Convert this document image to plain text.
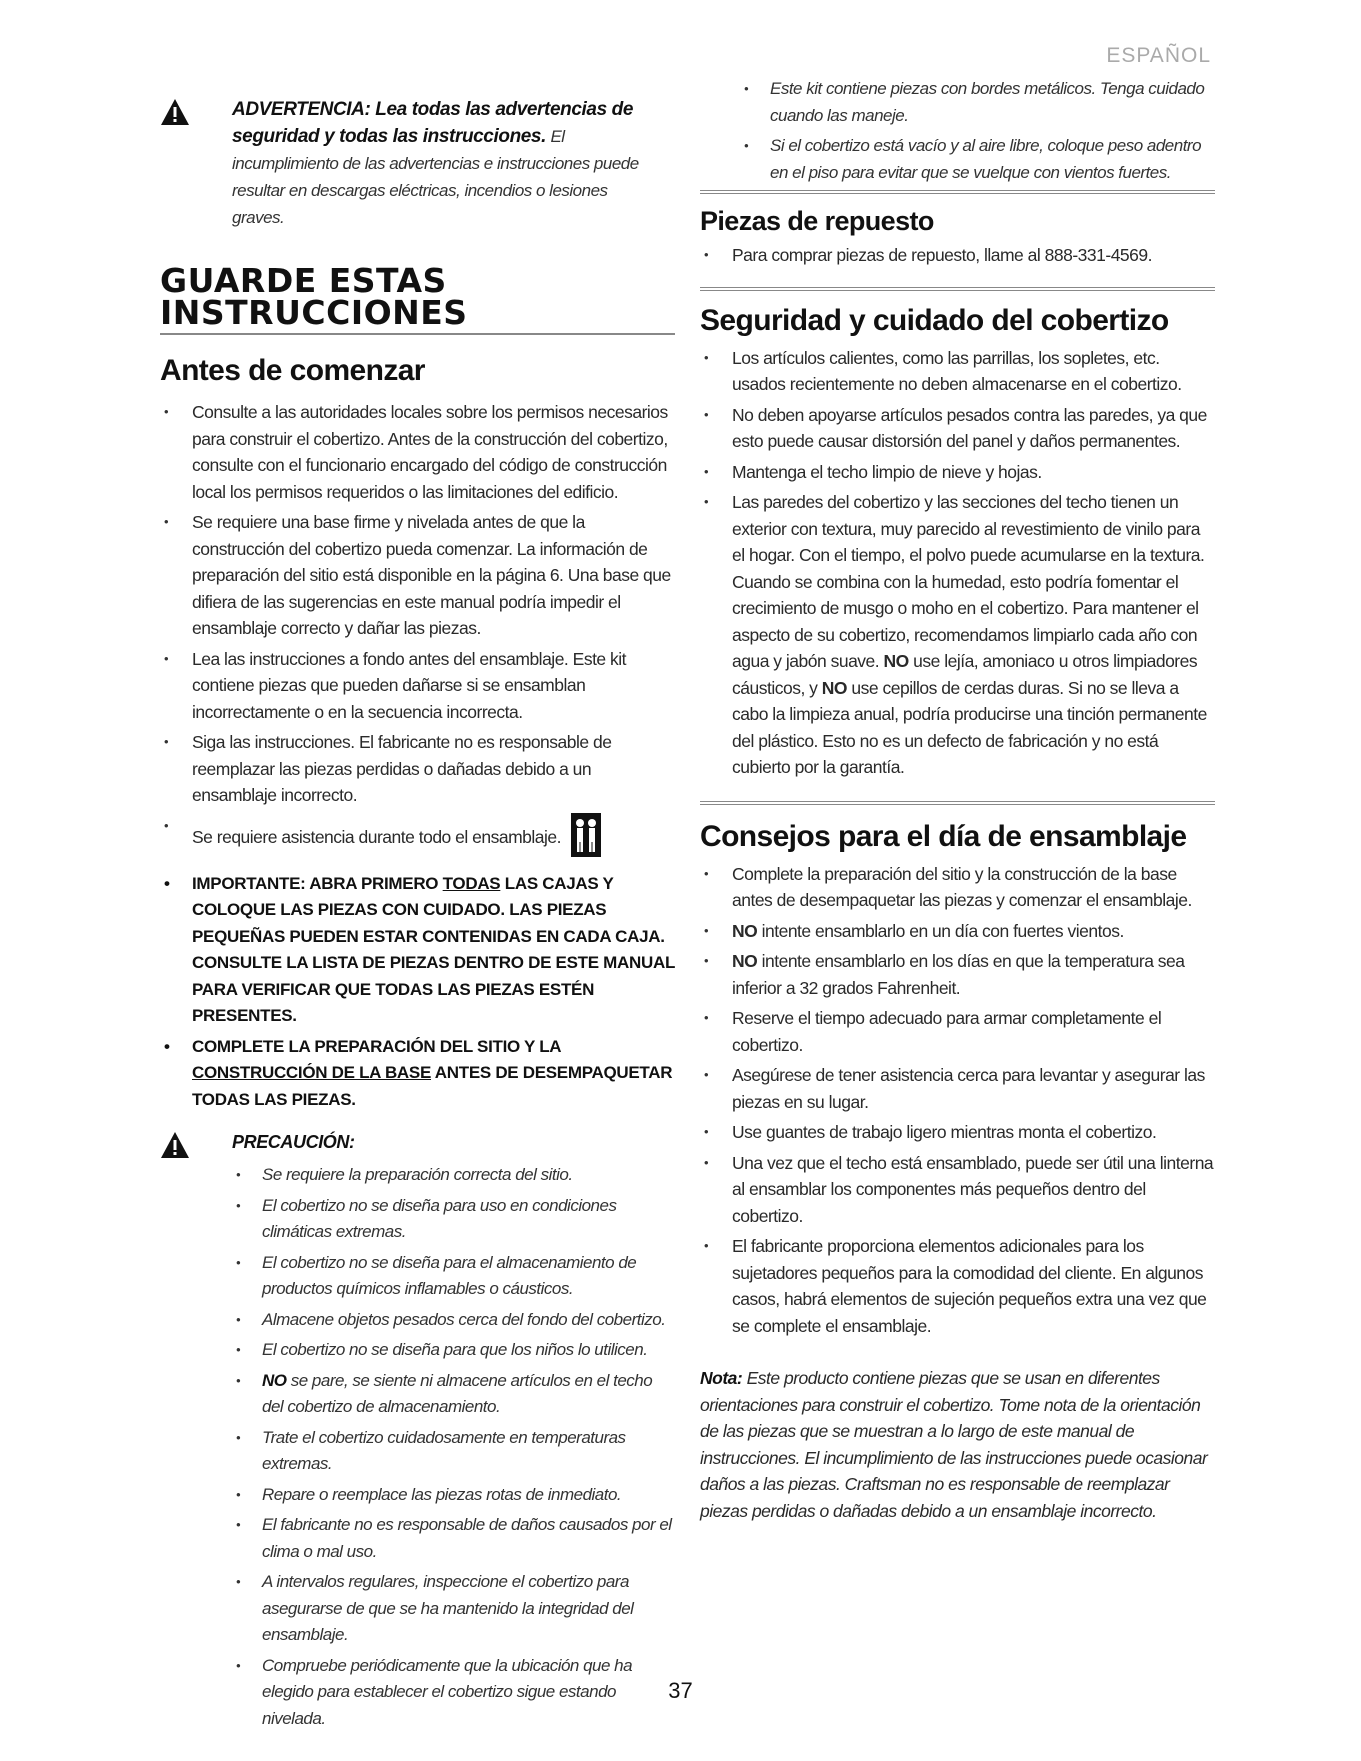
ESPAÑOL
ADVERTENCIA: Lea todas las advertencias de seguridad y todas las instrucciones. El incumplimiento de las advertencias e instrucciones puede resultar en descargas eléctricas, incendios o lesiones graves.
GUARDE ESTAS
INSTRUCCIONES
Antes de comenzar
• Consulte a las autoridades locales sobre los permisos necesarios para construir el cobertizo. Antes de la construcción del cobertizo, consulte con el funcionario encargado del código de construcción local los permisos requeridos o las limitaciones del edificio.
• Se requiere una base firme y nivelada antes de que la construcción del cobertizo pueda comenzar. La información de preparación del sitio está disponible en la página 6. Una base que difiera de las sugerencias en este manual podría impedir el ensamblaje correcto y dañar las piezas.
• Lea las instrucciones a fondo antes del ensamblaje. Este kit contiene piezas que pueden dañarse si se ensamblan incorrectamente o en la secuencia incorrecta.
• Siga las instrucciones. El fabricante no es responsable de reemplazar las piezas perdidas o dañadas debido a un ensamblaje incorrecto.
• Se requiere asistencia durante todo el ensamblaje.
• IMPORTANTE: ABRA PRIMERO TODAS LAS CAJAS Y COLOQUE LAS PIEZAS CON CUIDADO. LAS PIEZAS PEQUEÑAS PUEDEN ESTAR CONTENIDAS EN CADA CAJA. CONSULTE LA LISTA DE PIEZAS DENTRO DE ESTE MANUAL PARA VERIFICAR QUE TODAS LAS PIEZAS ESTÉN PRESENTES.
• COMPLETE LA PREPARACIÓN DEL SITIO Y LA CONSTRUCCIÓN DE LA BASE ANTES DE DESEMPAQUETAR TODAS LAS PIEZAS.
PRECAUCIÓN:
• Se requiere la preparación correcta del sitio.
• El cobertizo no se diseña para uso en condiciones climáticas extremas.
• El cobertizo no se diseña para el almacenamiento de productos químicos inflamables o cáusticos.
• Almacene objetos pesados cerca del fondo del cobertizo.
• El cobertizo no se diseña para que los niños lo utilicen.
• NO se pare, se siente ni almacene artículos en el techo del cobertizo de almacenamiento.
• Trate el cobertizo cuidadosamente en temperaturas extremas.
• Repare o reemplace las piezas rotas de inmediato.
• El fabricante no es responsable de daños causados por el clima o mal uso.
• A intervalos regulares, inspeccione el cobertizo para asegurarse de que se ha mantenido la integridad del ensamblaje.
• Compruebe periódicamente que la ubicación que ha elegido para establecer el cobertizo sigue estando nivelada.
• Este kit contiene piezas con bordes metálicos. Tenga cuidado cuando las maneje.
• Si el cobertizo está vacío y al aire libre, coloque peso adentro en el piso para evitar que se vuelque con vientos fuertes.
Piezas de repuesto
• Para comprar piezas de repuesto, llame al 888-331-4569.
Seguridad y cuidado del cobertizo
• Los artículos calientes, como las parrillas, los sopletes, etc. usados recientemente no deben almacenarse en el cobertizo.
• No deben apoyarse artículos pesados contra las paredes, ya que esto puede causar distorsión del panel y daños permanentes.
• Mantenga el techo limpio de nieve y hojas.
• Las paredes del cobertizo y las secciones del techo tienen un exterior con textura, muy parecido al revestimiento de vinilo para el hogar. Con el tiempo, el polvo puede acumularse en la textura. Cuando se combina con la humedad, esto podría fomentar el crecimiento de musgo o moho en el cobertizo. Para mantener el aspecto de su cobertizo, recomendamos limpiarlo cada año con agua y jabón suave. NO use lejía, amoniaco u otros limpiadores cáusticos, y NO use cepillos de cerdas duras. Si no se lleva a cabo la limpieza anual, podría producirse una tinción permanente del plástico. Esto no es un defecto de fabricación y no está cubierto por la garantía.
Consejos para el día de ensamblaje
• Complete la preparación del sitio y la construcción de la base antes de desempaquetar las piezas y comenzar el ensamblaje.
• NO intente ensamblarlo en un día con fuertes vientos.
• NO intente ensamblarlo en los días en que la temperatura sea inferior a 32 grados Fahrenheit.
• Reserve el tiempo adecuado para armar completamente el cobertizo.
• Asegúrese de tener asistencia cerca para levantar y asegurar las piezas en su lugar.
• Use guantes de trabajo ligero mientras monta el cobertizo.
• Una vez que el techo está ensamblado, puede ser útil una linterna al ensamblar los componentes más pequeños dentro del cobertizo.
• El fabricante proporciona elementos adicionales para los sujetadores pequeños para la comodidad del cliente. En algunos casos, habrá elementos de sujeción pequeños extra una vez que se complete el ensamblaje.

Nota: Este producto contiene piezas que se usan en diferentes orientaciones para construir el cobertizo. Tome nota de la orientación de las piezas que se muestran a lo largo de este manual de instrucciones. El incumplimiento de las instrucciones puede ocasionar daños a las piezas. Craftsman no es responsable de reemplazar piezas perdidas o dañadas debido a un ensamblaje incorrecto.

37
